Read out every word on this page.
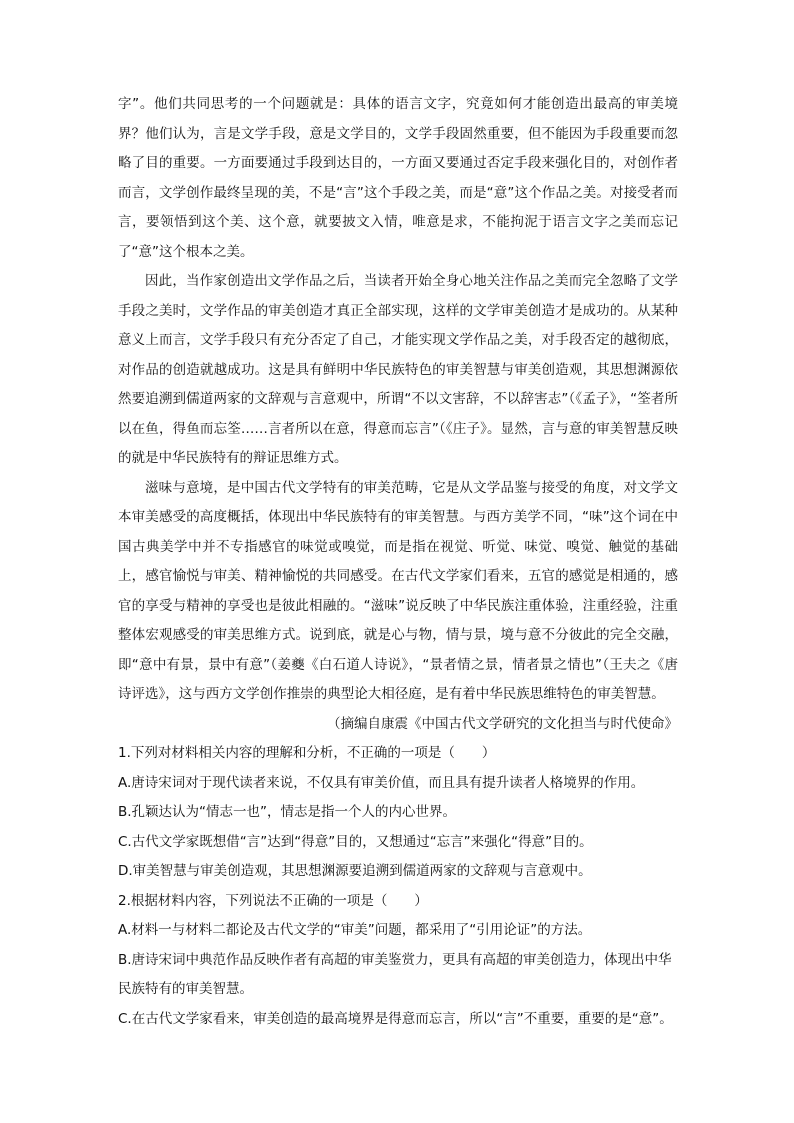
字”。他们共同思考的一个问题就是：具体的语言文字，究竟如何才能创造出最高的审美境界？他们认为，言是文学手段，意是文学目的，文学手段固然重要，但不能因为手段重要而忽略了目的重要。一方面要通过手段到达目的，一方面又要通过否定手段来强化目的，对创作者而言，文学创作最终呈现的美，不是“言”这个手段之美，而是“意”这个作品之美。对接受者而言，要领悟到这个美、这个意，就要披文入情，唯意是求，不能拘泥于语言文字之美而忘记了“意”这个根本之美。

因此，当作家创造出文学作品之后，当读者开始全身心地关注作品之美而完全忽略了文学手段之美时，文学作品的审美创造才真正全部实现，这样的文学审美创造才是成功的。从某种意义上而言，文学手段只有充分否定了自己，才能实现文学作品之美，对手段否定的越彻底，对作品的创造就越成功。这是具有鲜明中华民族特色的审美智慧与审美创造观，其思想渊源依然要追溯到儒道两家的文辞观与言意观中，所谓“不以文害辞，不以辞害志”（《孟子》，“筌者所以在鱼，得鱼而忘筌……言者所以在意，得意而忘言”（《庄子》。显然，言与意的审美智慧反映的就是中华民族特有的辩证思维方式。

滋味与意境，是中国古代文学特有的审美范畴，它是从文学品鉴与接受的角度，对文学文本审美感受的高度概括，体现出中华民族特有的审美智慧。与西方美学不同，“味”这个词在中国古典美学中并不专指感官的味觉或嗅觉，而是指在视觉、听觉、味觉、嗅觉、触觉的基础上，感官愉悦与审美、精神愉悦的共同感受。在古代文学家们看来，五官的感觉是相通的，感官的享受与精神的享受也是彼此相融的。“滋味”说反映了中华民族注重体验，注重经验，注重整体宏观感受的审美思维方式。说到底，就是心与物，情与景，境与意不分彼此的完全交融，即“意中有景，景中有意”（姜夔《白石道人诗说》，“景者情之景，情者景之情也”（王夫之《唐诗评选》，这与西方文学创作推崇的典型论大相径庭，是有着中华民族思维特色的审美智慧。

（摘编自康震《中国古代文学研究的文化担当与时代使命》

1.下列对材料相关内容的理解和分析，不正确的一项是（　　）

A.唐诗宋词对于现代读者来说，不仅具有审美价值，而且具有提升读者人格境界的作用。

B.孔颖达认为“情志一也”，情志是指一个人的内心世界。

C.古代文学家既想借“言”达到“得意”目的，又想通过“忘言”来强化“得意”目的。

D.审美智慧与审美创造观，其思想渊源要追溯到儒道两家的文辞观与言意观中。

2.根据材料内容，下列说法不正确的一项是（　　）

A.材料一与材料二都论及古代文学的“审美”问题，都采用了“引用论证”的方法。

B.唐诗宋词中典范作品反映作者有高超的审美鉴赏力，更具有高超的审美创造力，体现出中华民族特有的审美智慧。

C.在古代文学家看来，审美创造的最高境界是得意而忘言，所以“言”不重要，重要的是“意”。
